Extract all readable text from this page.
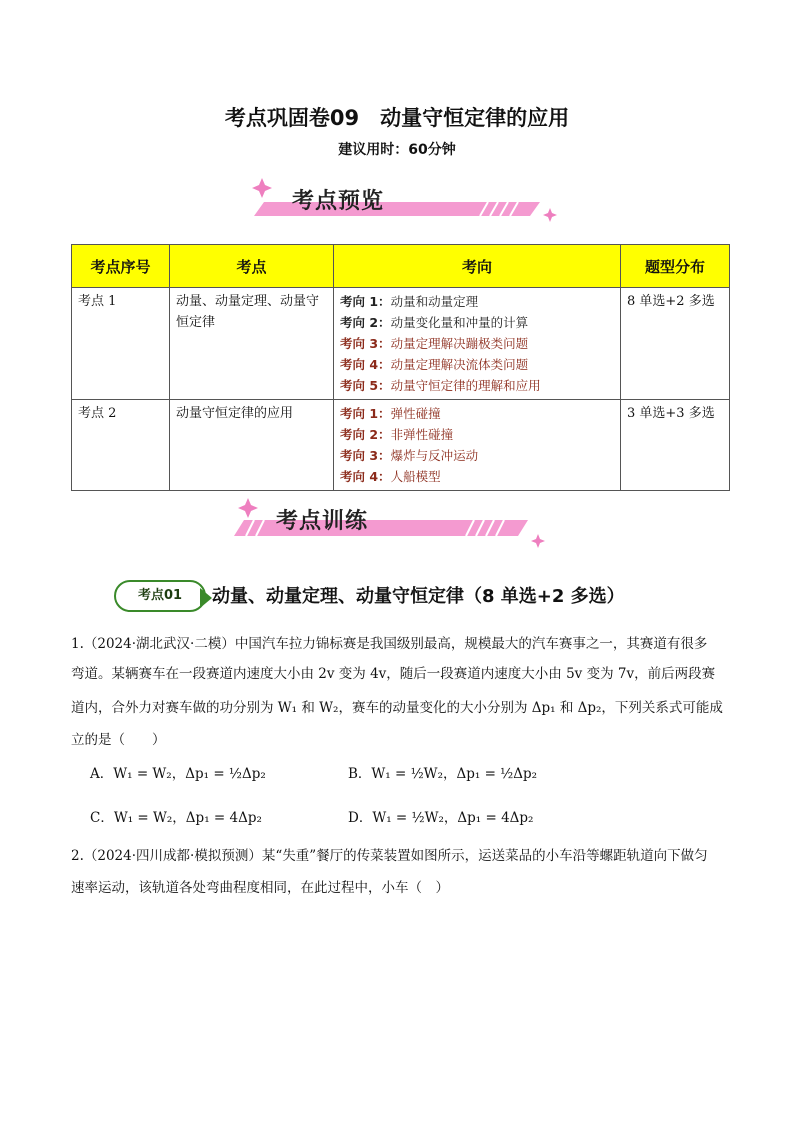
考点巩固卷09　动量守恒定律的应用
建议用时：60分钟
考点预览
考点序号	考点	考向	题型分布
考点 1	动量、动量定理、动量守恒定律	考向 1：动量和动量定理
考向 2：动量变化量和冲量的计算
考向 3：动量定理解决蹦极类问题
考向 4：动量定理解决流体类问题
考向 5：动量守恒定律的理解和应用	8 单选+2 多选
考点 2	动量守恒定律的应用	考向 1：弹性碰撞
考向 2：非弹性碰撞
考向 3：爆炸与反冲运动
考向 4：人船模型	3 单选+3 多选
考点训练
考点01	动量、动量定理、动量守恒定律（8 单选+2 多选）
1.（2024·湖北武汉·二模）中国汽车拉力锦标赛是我国级别最高，规模最大的汽车赛事之一，其赛道有很多
弯道。某辆赛车在一段赛道内速度大小由 2v 变为 4v，随后一段赛道内速度大小由 5v 变为 7v，前后两段赛
道内，合外力对赛车做的功分别为 W₁ 和 W₂，赛车的动量变化的大小分别为 Δp₁ 和 Δp₂，下列关系式可能成
立的是（　　）
A．W₁ = W₂，Δp₁ = ½Δp₂	B．W₁ = ½W₂，Δp₁ = ½Δp₂
C．W₁ = W₂，Δp₁ = 4Δp₂	D．W₁ = ½W₂，Δp₁ = 4Δp₂
2.（2024·四川成都·模拟预测）某“失重”餐厅的传菜装置如图所示，运送菜品的小车沿等螺距轨道向下做匀
速率运动，该轨道各处弯曲程度相同，在此过程中，小车（　）
